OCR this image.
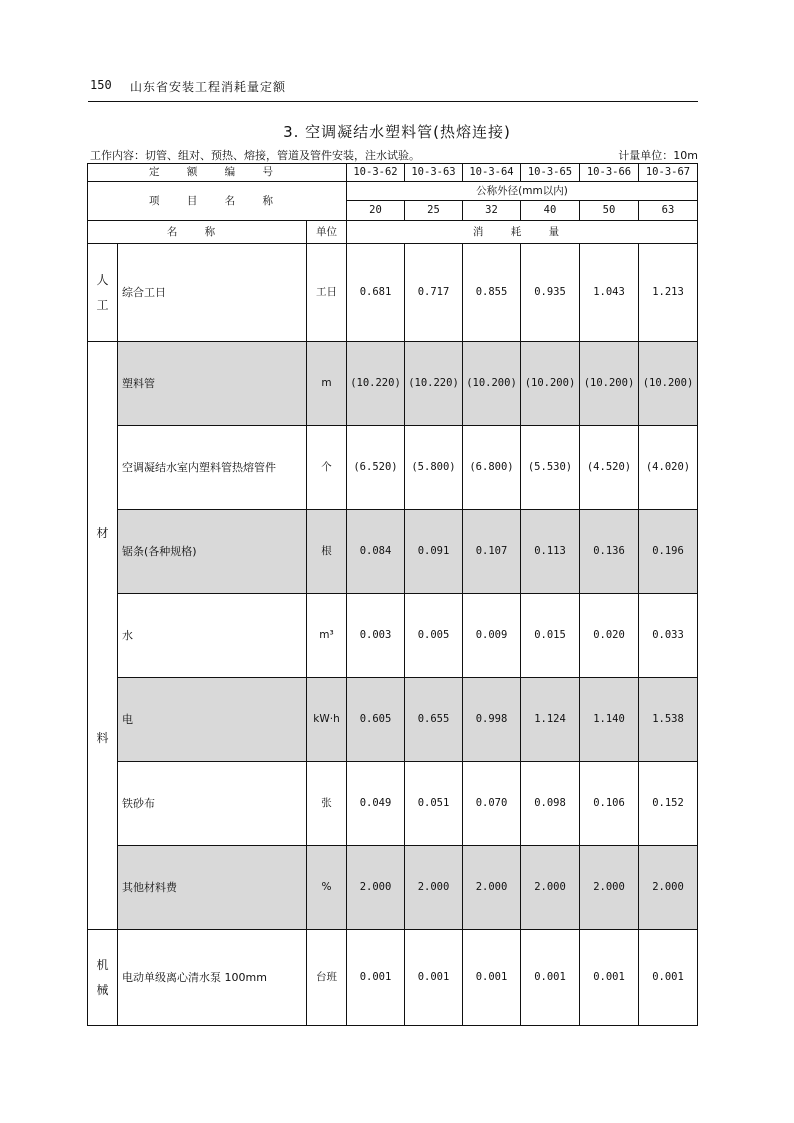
150 山东省安装工程消耗量定额
3. 空调凝结水塑料管(热熔连接)
工作内容：切管、组对、预热、熔接，管道及管件安装，注水试验。	计量单位：10m
定 额 编 号			10-3-62	10-3-63	10-3-64	10-3-65	10-3-66	10-3-67
项 目 名 称			公称外径(mm以内)					
			20	25	32	40	50	63
名 称		单位	消 耗 量					

人
工	综合工日	工日	0.681	0.717	0.855	0.935	1.043	1.213

材
料	塑料管	m	(10.220)	(10.220)	(10.200)	(10.200)	(10.200)	(10.200)
	空调凝结水室内塑料管热熔管件	个	(6.520)	(5.800)	(6.800)	(5.530)	(4.520)	(4.020)
	锯条(各种规格)	根	0.084	0.091	0.107	0.113	0.136	0.196
	水	m³	0.003	0.005	0.009	0.015	0.020	0.033
	电	kW·h	0.605	0.655	0.998	1.124	1.140	1.538
	铁砂布	张	0.049	0.051	0.070	0.098	0.106	0.152
	其他材料费	%	2.000	2.000	2.000	2.000	2.000	2.000

机
械	电动单级离心清水泵 100mm	台班	0.001	0.001	0.001	0.001	0.001	0.001
